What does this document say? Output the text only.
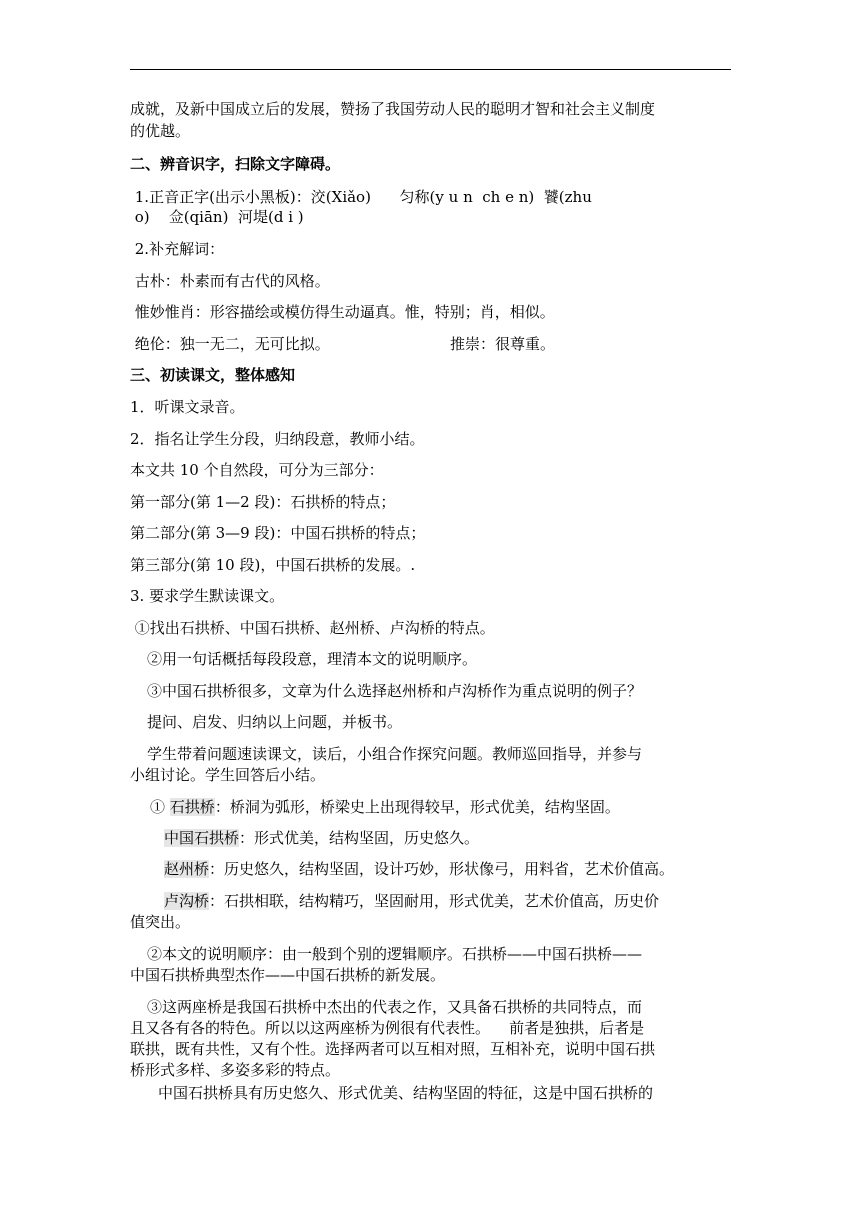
成就，及新中国成立后的发展，赞扬了我国劳动人民的聪明才智和社会主义制度

的优越。

二、辨音识字，扫除文字障碍。

1.正音正字(出示小黑板)：洨(Xiǎo)      匀称(y u n  ch e n)  饕(zhu

o)    佥(qiān)  河堤(d i )

2.补充解词：

古朴：朴素而有古代的风格。

惟妙惟肖：形容描绘或模仿得生动逼真。惟，特别；肖，相似。

绝伦：独一无二，无可比拟。	推崇：很尊重。

三、初读课文，整体感知

1．听课文录音。

2．指名让学生分段，归纳段意，教师小结。

本文共 10 个自然段，可分为三部分：

第一部分(第 1—2 段)：石拱桥的特点；

第二部分(第 3—9 段)：中国石拱桥的特点；

第三部分(第 10 段)，中国石拱桥的发展。.

3. 要求学生默读课文。

①找出石拱桥、中国石拱桥、赵州桥、卢沟桥的特点。

②用一句话概括每段段意，理清本文的说明顺序。

③中国石拱桥很多，文章为什么选择赵州桥和卢沟桥作为重点说明的例子？

提问、启发、归纳以上问题，并板书。

学生带着问题速读课文，读后，小组合作探究问题。教师巡回指导，并参与

小组讨论。学生回答后小结。

① 石拱桥：桥洞为弧形，桥梁史上出现得较早，形式优美，结构坚固。

中国石拱桥：形式优美，结构坚固，历史悠久。

赵州桥：历史悠久，结构坚固，设计巧妙，形状像弓，用料省，艺术价值高。

卢沟桥：石拱相联，结构精巧，坚固耐用，形式优美，艺术价值高，历史价

值突出。

②本文的说明顺序：由一般到个别的逻辑顺序。石拱桥——中国石拱桥——

中国石拱桥典型杰作——中国石拱桥的新发展。

③这两座桥是我国石拱桥中杰出的代表之作，又具备石拱桥的共同特点，而

且又各有各的特色。所以以这两座桥为例很有代表性。    前者是独拱，后者是

联拱，既有共性，又有个性。选择两者可以互相对照，互相补充，说明中国石拱

桥形式多样、多姿多彩的特点。

中国石拱桥具有历史悠久、形式优美、结构坚固的特征，这是中国石拱桥的
